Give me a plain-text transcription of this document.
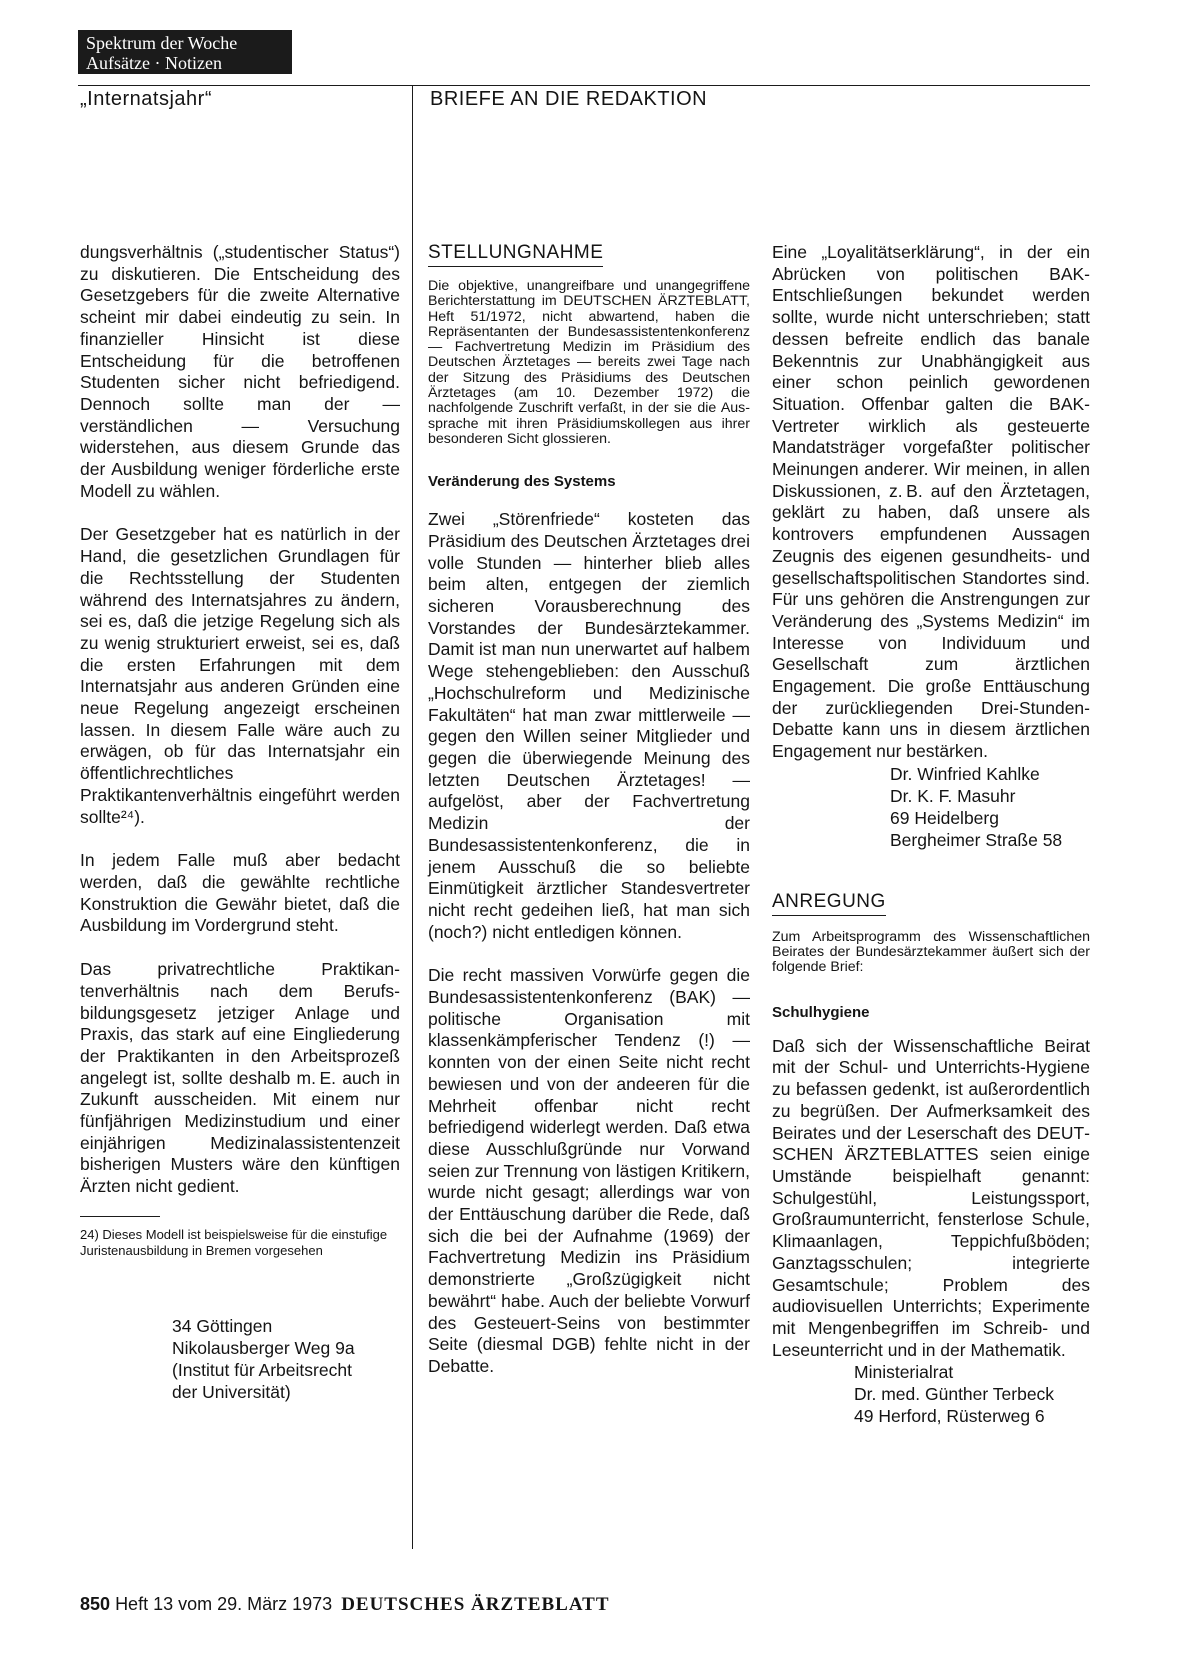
Spektrum der Woche
Aufsätze · Notizen
„Internatsjahr“	BRIEFE AN DIE REDAKTION

dungsverhältnis („studentischer Status“) zu diskutieren. Die Entscheidung des Gesetzgebers für die zweite Alternative scheint mir dabei eindeutig zu sein. In finanzieller Hinsicht ist diese Entscheidung für die betroffenen Studenten sicher nicht befriedigend. Dennoch sollte man der — verständlichen — Versuchung widerstehen, aus diesem Grunde das der Ausbildung weniger förderliche erste Modell zu wählen.

Der Gesetzgeber hat es natürlich in der Hand, die gesetzlichen Grundlagen für die Rechtsstellung der Studenten während des Internatsjahres zu ändern, sei es, daß die jetzige Regelung sich als zu wenig strukturiert erweist, sei es, daß die ersten Erfahrungen mit dem Internatsjahr aus anderen Gründen eine neue Regelung angezeigt erscheinen lassen. In diesem Falle wäre auch zu erwägen, ob für das Internatsjahr ein öffentlichrechtliches Praktikantenverhältnis eingeführt werden sollte²⁴).

In jedem Falle muß aber bedacht werden, daß die gewählte rechtliche Konstruktion die Gewähr bietet, daß die Ausbildung im Vordergrund steht.

Das privatrechtliche Praktikantenverhältnis nach dem Berufsbildungsgesetz jetziger Anlage und Praxis, das stark auf eine Eingliederung der Praktikanten in den Arbeitsprozeß angelegt ist, sollte deshalb m. E. auch in Zukunft ausscheiden. Mit einem nur fünfjährigen Medizinstudium und einer einjährigen Medizinalassistentenzeit bisherigen Musters wäre den künftigen Ärzten nicht gedient.

24) Dieses Modell ist beispielsweise für die einstufige Juristenausbildung in Bremen vorgesehen

34 Göttingen

Nikolausberger Weg 9a

(Institut für Arbeitsrecht

der Universität)

STELLUNGNAHME

Die objektive, unangreifbare und unangegriffene Berichterstattung im DEUTSCHEN ÄRZTEBLATT, Heft 51/1972, nicht abwartend, haben die Repräsentanten der Bundesassistentenkonferenz — Fachvertretung Medizin im Präsidium des Deutschen Ärztetages — bereits zwei Tage nach der Sitzung des Präsidiums des Deutschen Ärztetages (am 10. Dezember 1972) die nachfolgende Zuschrift verfaßt, in der sie die Aussprache mit ihren Präsidiumskollegen aus ihrer besonderen Sicht glossieren.

Veränderung des Systems

Zwei „Störenfriede“ kosteten das Präsidium des Deutschen Ärztetages drei volle Stunden — hinterher blieb alles beim alten, entgegen der ziemlich sicheren Vorausberechnung des Vorstandes der Bundesärztekammer. Damit ist man nun unerwartet auf halbem Wege stehengeblieben: den Ausschuß „Hochschulreform und Medizinische Fakultäten“ hat man zwar mittlerweile — gegen den Willen seiner Mitglieder und gegen die überwiegende Meinung des letzten Deutschen Ärztetages! — aufgelöst, aber der Fachvertretung Medizin der Bundesassistentenkonferenz, die in jenem Ausschuß die so beliebte Einmütigkeit ärztlicher Standesvertreter nicht recht gedeihen ließ, hat man sich (noch?) nicht entledigen können.

Die recht massiven Vorwürfe gegen die Bundesassistentenkonferenz (BAK) — politische Organisation mit klassenkämpferischer Tendenz (!) — konnten von der einen Seite nicht recht bewiesen und von der andeeren für die Mehrheit offenbar nicht recht befriedigend widerlegt werden. Daß etwa diese Ausschlußgründe nur Vorwand seien zur Trennung von lästigen Kritikern, wurde nicht gesagt; allerdings war von der Enttäuschung darüber die Rede, daß sich die bei der Aufnahme (1969) der Fachvertretung Medizin ins Präsidium demonstrierte „Großzügigkeit nicht bewährt“ habe. Auch der beliebte Vorwurf des Gesteuert-Seins von bestimmter Seite (diesmal DGB) fehlte nicht in der Debatte.

Eine „Loyalitätserklärung“, in der ein Abrücken von politischen BAK-Entschließungen bekundet werden sollte, wurde nicht unterschrieben; statt dessen befreite endlich das banale Bekenntnis zur Unabhängigkeit aus einer schon peinlich gewordenen Situation. Offenbar galten die BAK-Vertreter wirklich als gesteuerte Mandatsträger vorgefaßter politischer Meinungen anderer. Wir meinen, in allen Diskussionen, z. B. auf den Ärztetagen, geklärt zu haben, daß unsere als kontrovers empfundenen Aussagen Zeugnis des eigenen gesundheits- und gesellschaftspolitischen Standortes sind. Für uns gehören die Anstrengungen zur Veränderung des „Systems Medizin“ im Interesse von Individuum und Gesellschaft zum ärztlichen Engagement. Die große Enttäuschung der zurückliegenden Drei-Stunden-Debatte kann uns in diesem ärztlichen Engagement nur bestärken.

Dr. Winfried Kahlke

Dr. K. F. Masuhr

69 Heidelberg

Bergheimer Straße 58

ANREGUNG

Zum Arbeitsprogramm des Wissenschaftlichen Beirates der Bundesärztekammer äußert sich der folgende Brief:

Schulhygiene

Daß sich der Wissenschaftliche Beirat mit der Schul- und Unterrichts-Hygiene zu befassen gedenkt, ist außerordentlich zu begrüßen. Der Aufmerksamkeit des Beirates und der Leserschaft des DEUTSCHEN ÄRZTEBLATTES seien einige Umstände beispielhaft genannt: Schulgestühl, Leistungssport, Großraumunterricht, fensterlose Schule, Klimaanlagen, Teppichfußböden; Ganztagsschulen; integrierte Gesamtschule; Problem des audiovisuellen Unterrichts; Experimente mit Mengenbegriffen im Schreib- und Leseunterricht und in der Mathematik.

Ministerialrat

Dr. med. Günther Terbeck

49 Herford, Rüsterweg 6

850 Heft 13 vom 29. März 1973 DEUTSCHES ÄRZTEBLATT
